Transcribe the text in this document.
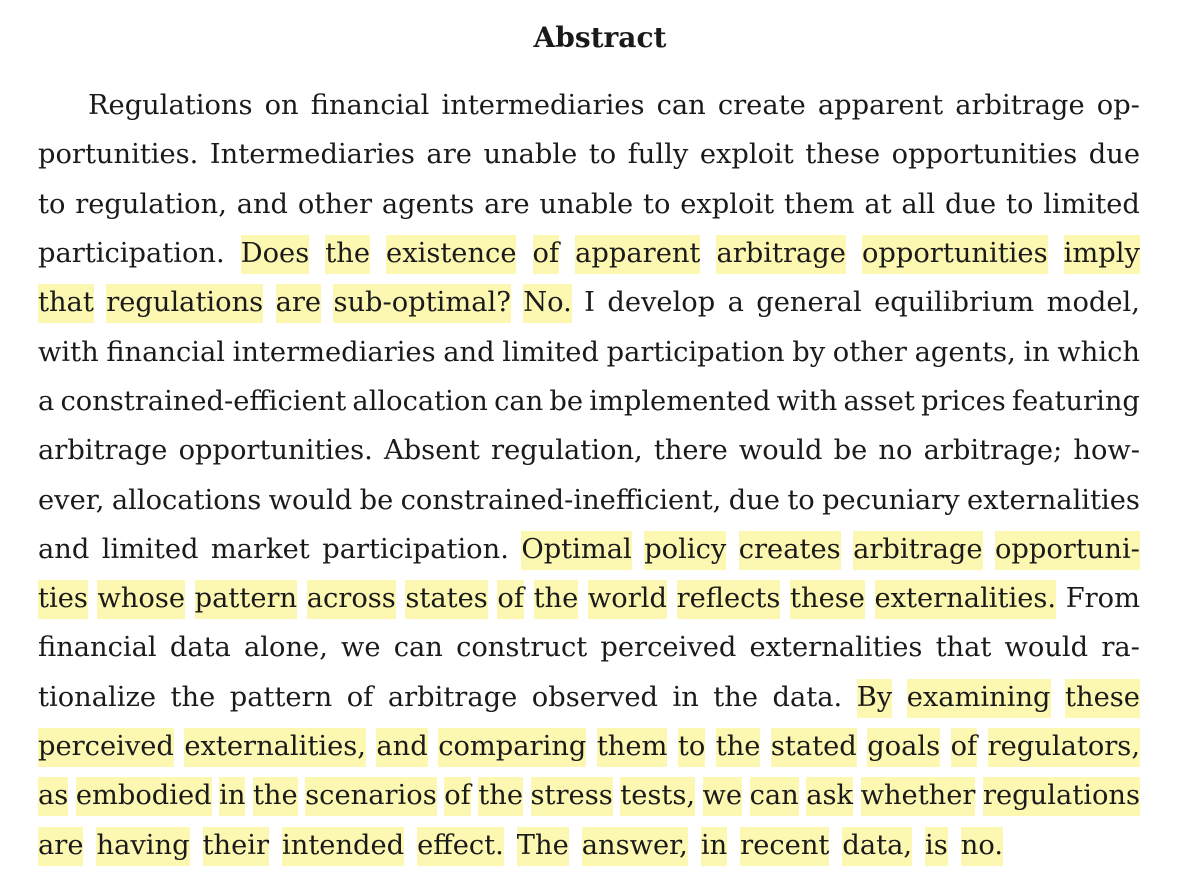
Abstract
Regulations on financial intermediaries can create apparent arbitrage op-
portunities. Intermediaries are unable to fully exploit these opportunities due
to regulation, and other agents are unable to exploit them at all due to limited
participation. Does the existence of apparent arbitrage opportunities imply
that regulations are sub-optimal? No. I develop a general equilibrium model,
with financial intermediaries and limited participation by other agents, in which
a constrained-efficient allocation can be implemented with asset prices featuring
arbitrage opportunities. Absent regulation, there would be no arbitrage; how-
ever, allocations would be constrained-inefficient, due to pecuniary externalities
and limited market participation. Optimal policy creates arbitrage opportuni-
ties whose pattern across states of the world reflects these externalities. From
financial data alone, we can construct perceived externalities that would ra-
tionalize the pattern of arbitrage observed in the data. By examining these
perceived externalities, and comparing them to the stated goals of regulators,
as embodied in the scenarios of the stress tests, we can ask whether regulations
are having their intended effect. The answer, in recent data, is no.
